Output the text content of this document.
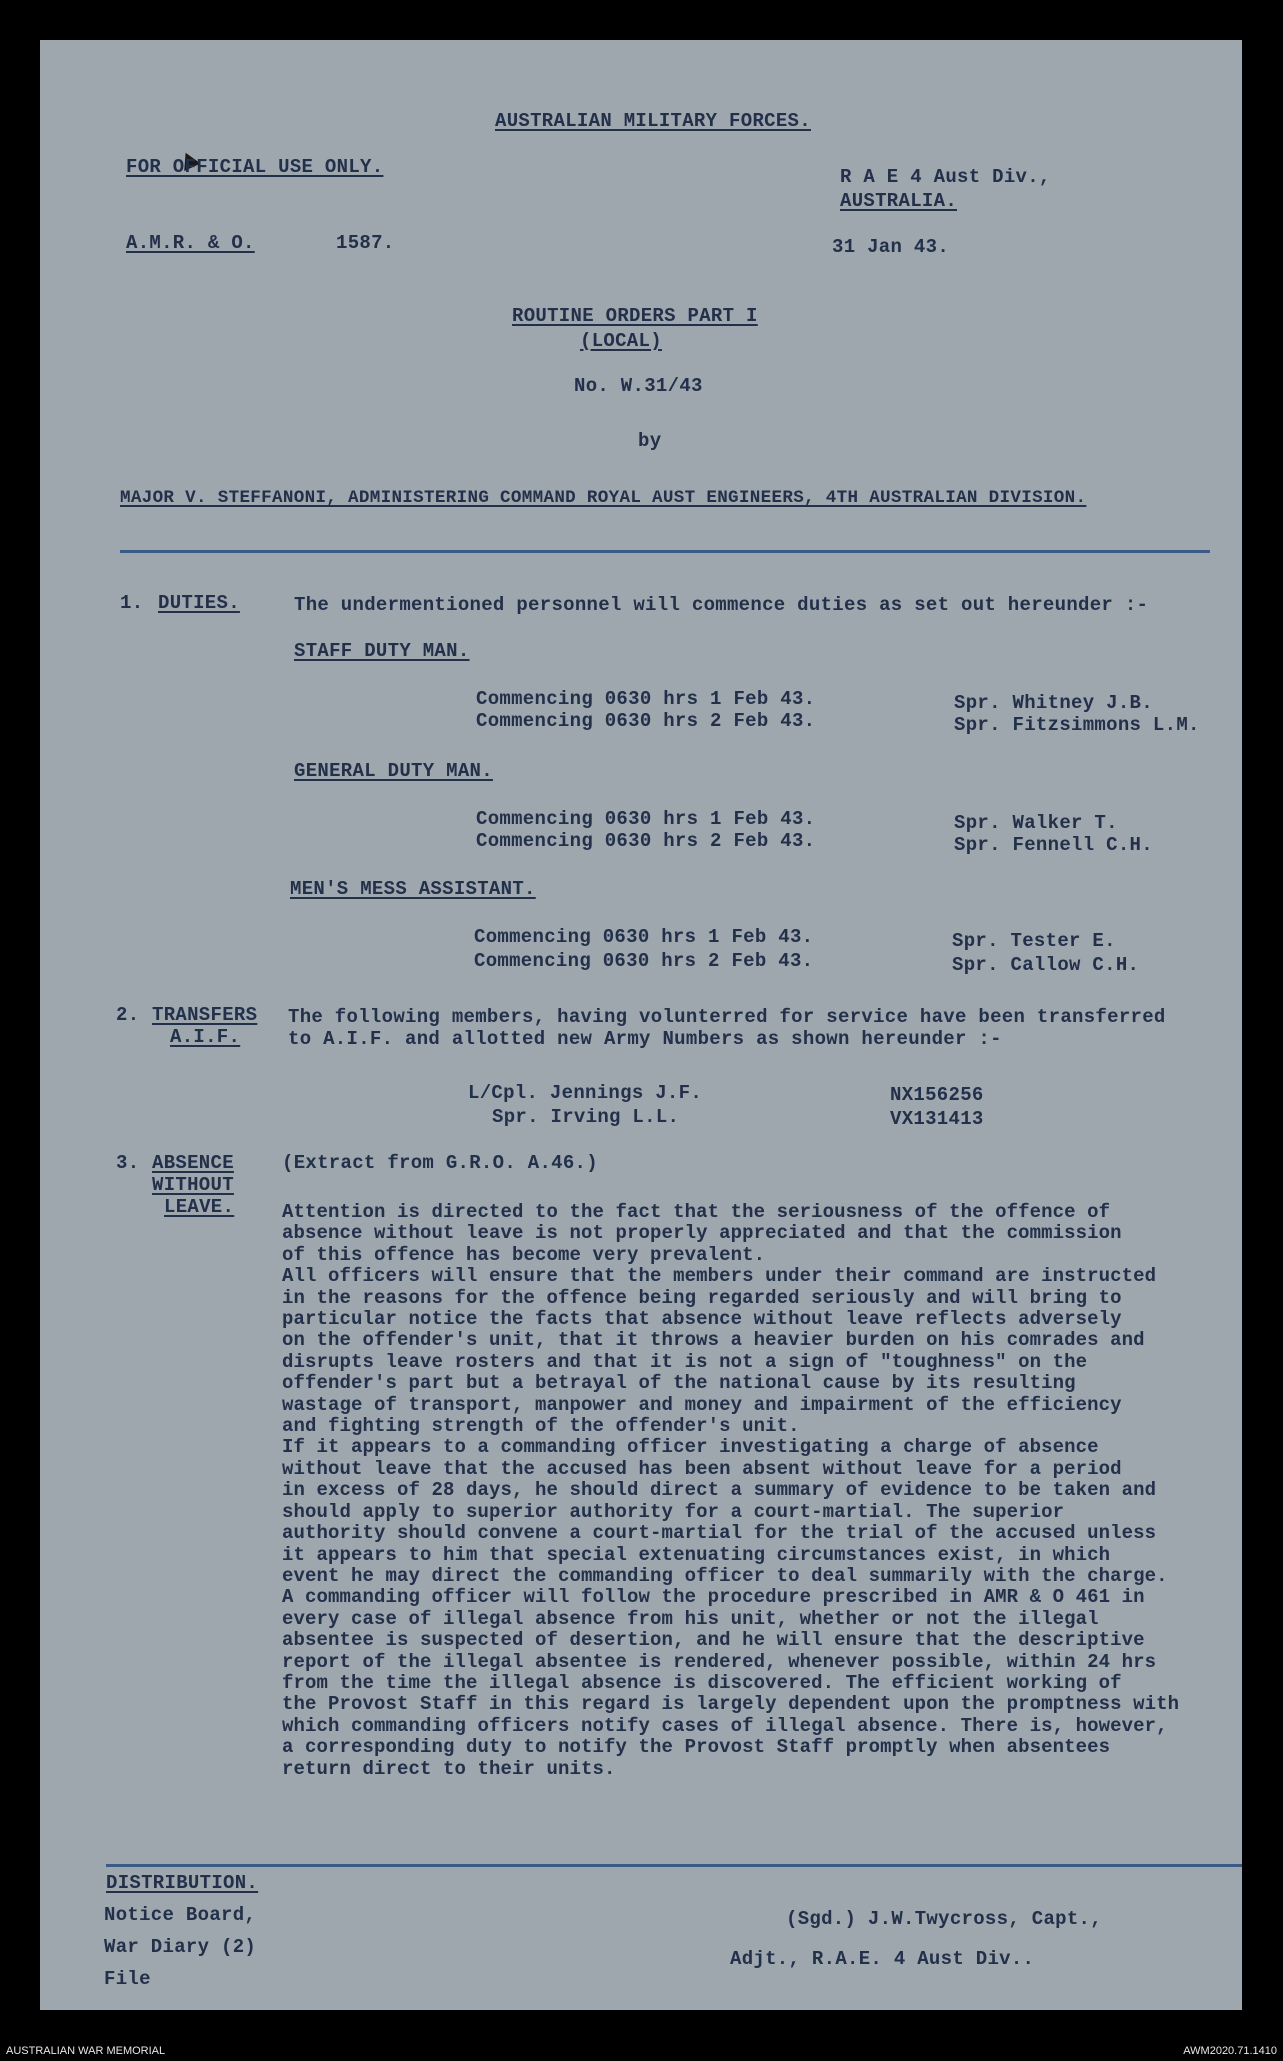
AUSTRALIAN MILITARY FORCES.
FOR OFFICIAL USE ONLY.	R A E 4 Aust Div.,
AUSTRALIA.
A.M.R. & O.	1587.	31 Jan 43.
ROUTINE ORDERS PART I
(LOCAL)
No. W.31/43
by
MAJOR V. STEFFANONI, ADMINISTERING COMMAND ROYAL AUST ENGINEERS, 4TH AUSTRALIAN DIVISION.
1. DUTIES.	The undermentioned personnel will commence duties as set out hereunder :-
STAFF DUTY MAN.
Commencing 0630 hrs 1 Feb 43.	Spr. Whitney J.B.
Commencing 0630 hrs 2 Feb 43.	Spr. Fitzsimmons L.M.
GENERAL DUTY MAN.
Commencing 0630 hrs 1 Feb 43.	Spr. Walker T.
Commencing 0630 hrs 2 Feb 43.	Spr. Fennell C.H.
MEN'S MESS ASSISTANT.
Commencing 0630 hrs 1 Feb 43.	Spr. Tester E.
Commencing 0630 hrs 2 Feb 43.	Spr. Callow C.H.
2. TRANSFERS
A.I.F.
The following members, having volunterred for service have been transferred
to A.I.F. and allotted new Army Numbers as shown hereunder :-
L/Cpl. Jennings J.F.	NX156256
Spr. Irving L.L.	VX131413
3. ABSENCE
WITHOUT
LEAVE.
(Extract from G.R.O. A.46.)
Attention is directed to the fact that the seriousness of the offence of
absence without leave is not properly appreciated and that the commission
of this offence has become very prevalent.
All officers will ensure that the members under their command are instructed
in the reasons for the offence being regarded seriously and will bring to
particular notice the facts that absence without leave reflects adversely
on the offender's unit, that it throws a heavier burden on his comrades and
disrupts leave rosters and that it is not a sign of "toughness" on the
offender's part but a betrayal of the national cause by its resulting
wastage of transport, manpower and money and impairment of the efficiency
and fighting strength of the offender's unit.
If it appears to a commanding officer investigating a charge of absence
without leave that the accused has been absent without leave for a period
in excess of 28 days, he should direct a summary of evidence to be taken and
should apply to superior authority for a court-martial. The superior
authority should convene a court-martial for the trial of the accused unless
it appears to him that special extenuating circumstances exist, in which
event he may direct the commanding officer to deal summarily with the charge.
A commanding officer will follow the procedure prescribed in AMR & O 461 in
every case of illegal absence from his unit, whether or not the illegal
absentee is suspected of desertion, and he will ensure that the descriptive
report of the illegal absentee is rendered, whenever possible, within 24 hrs
from the time the illegal absence is discovered. The efficient working of
the Provost Staff in this regard is largely dependent upon the promptness with
which commanding officers notify cases of illegal absence. There is, however,
a corresponding duty to notify the Provost Staff promptly when absentees
return direct to their units.
DISTRIBUTION.
Notice Board,
War Diary (2)
File
(Sgd.) J.W.Twycross, Capt.,
Adjt., R.A.E. 4 Aust Div..
AUSTRALIAN WAR MEMORIAL	AWM2020.71.1410
